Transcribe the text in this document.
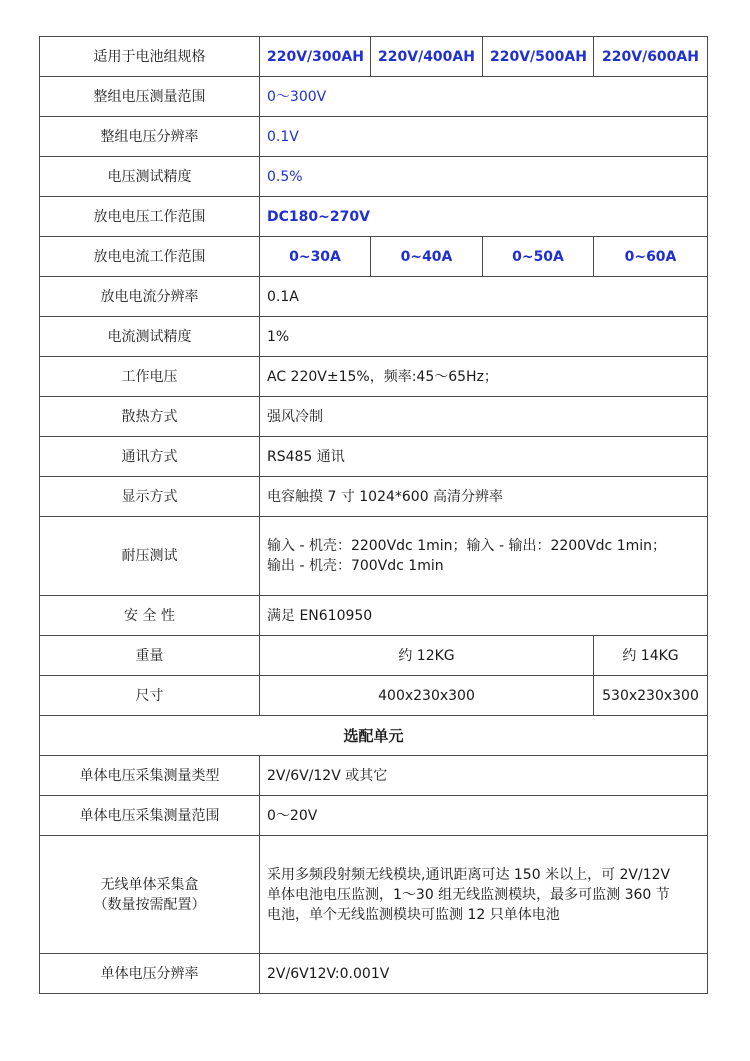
适用于电池组规格	220V/300AH	220V/400AH	220V/500AH	220V/600AH
整组电压测量范围	0～300V			
整组电压分辨率	0.1V			
电压测试精度	0.5%			
放电电压工作范围	DC180~270V			
放电电流工作范围	0~30A	0~40A	0~50A	0~60A
放电电流分辨率	0.1A			
电流测试精度	1%			
工作电压	AC 220V±15%，频率:45～65Hz；			
散热方式	强风冷制			
通讯方式	RS485 通讯			
显示方式	电容触摸 7 寸 1024*600 高清分辨率			
耐压测试	输入 - 机壳：2200Vdc 1min；输入 - 输出：2200Vdc 1min；
输出 - 机壳：700Vdc 1min			

安 全 性	满足 EN610950			
重量	约 12KG			约 14KG
尺寸	400x230x300			530x230x300
选配单元				
单体电压采集测量类型	2V/6V/12V 或其它			
单体电压采集测量范围	0～20V			

无线单体采集盒
（数量按需配置）	采用多频段射频无线模块,通讯距离可达 150 米以上，可 2V/12V
单体电池电压监测，1～30 组无线监测模块，最多可监测 360 节
电池，单个无线监测模块可监测 12 只单体电池			

单体电压分辨率	2V/6V12V:0.001V			
